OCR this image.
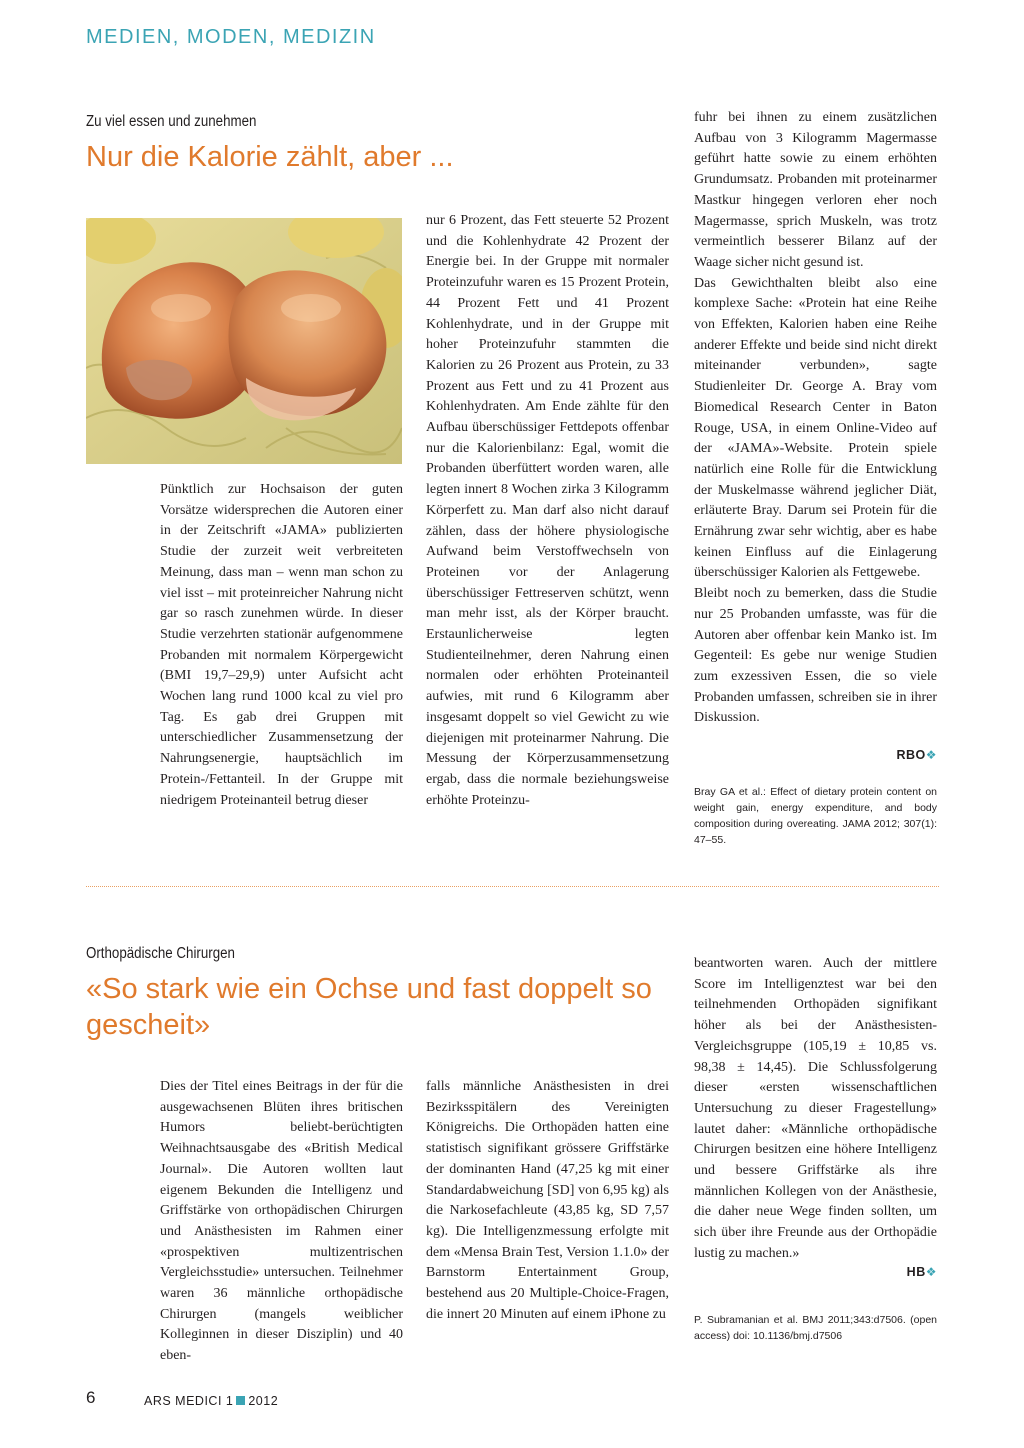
MEDIEN, MODEN, MEDIZIN
Zu viel essen und zunehmen
Nur die Kalorie zählt, aber ...

Pünktlich zur Hochsaison der guten Vorsätze widersprechen die Autoren einer in der Zeitschrift «JAMA» publizierten Studie der zurzeit weit verbreiteten Meinung, dass man – wenn man schon zu viel isst – mit proteinreicher Nahrung nicht gar so rasch zunehmen würde. In dieser Studie verzehrten stationär aufgenommene Probanden mit normalem Körpergewicht (BMI 19,7–29,9) unter Aufsicht acht Wochen lang rund 1000 kcal zu viel pro Tag. Es gab drei Gruppen mit unterschiedlicher Zusammensetzung der Nahrungsenergie, hauptsächlich im Protein-/Fettanteil. In der Gruppe mit niedrigem Proteinanteil betrug dieser

nur 6 Prozent, das Fett steuerte 52 Prozent und die Kohlenhydrate 42 Prozent der Energie bei. In der Gruppe mit normaler Proteinzufuhr waren es 15 Prozent Protein, 44 Prozent Fett und 41 Prozent Kohlenhydrate, und in der Gruppe mit hoher Proteinzufuhr stammten die Kalorien zu 26 Prozent aus Protein, zu 33 Prozent aus Fett und zu 41 Prozent aus Kohlenhydraten. Am Ende zählte für den Aufbau überschüssiger Fettdepots offenbar nur die Kalorienbilanz: Egal, womit die Probanden überfüttert worden waren, alle legten innert 8 Wochen zirka 3 Kilogramm Körperfett zu. Man darf also nicht darauf zählen, dass der höhere physiologische Aufwand beim Verstoffwechseln von Proteinen vor der Anlagerung überschüssiger Fettreserven schützt, wenn man mehr isst, als der Körper braucht. Erstaunlicherweise legten Studienteilnehmer, deren Nahrung einen normalen oder erhöhten Proteinanteil aufwies, mit rund 6 Kilogramm aber insgesamt doppelt so viel Gewicht zu wie diejenigen mit proteinarmer Nahrung. Die Messung der Körperzusammensetzung ergab, dass die normale beziehungsweise erhöhte Proteinzu-

fuhr bei ihnen zu einem zusätzlichen Aufbau von 3 Kilogramm Magermasse geführt hatte sowie zu einem erhöhten Grundumsatz. Probanden mit proteinarmer Mastkur hingegen verloren eher noch Magermasse, sprich Muskeln, was trotz vermeintlich besserer Bilanz auf der Waage sicher nicht gesund ist.

Das Gewichthalten bleibt also eine komplexe Sache: «Protein hat eine Reihe von Effekten, Kalorien haben eine Reihe anderer Effekte und beide sind nicht direkt miteinander verbunden», sagte Studienleiter Dr. George A. Bray vom Biomedical Research Center in Baton Rouge, USA, in einem Online-Video auf der «JAMA»-Website. Protein spiele natürlich eine Rolle für die Entwicklung der Muskelmasse während jeglicher Diät, erläuterte Bray. Darum sei Protein für die Ernährung zwar sehr wichtig, aber es habe keinen Einfluss auf die Einlagerung überschüssiger Kalorien als Fettgewebe.

Bleibt noch zu bemerken, dass die Studie nur 25 Probanden umfasste, was für die Autoren aber offenbar kein Manko ist. Im Gegenteil: Es gebe nur wenige Studien zum exzessiven Essen, die so viele Probanden umfassen, schreiben sie in ihrer Diskussion.

RBO❖
Bray GA et al.: Effect of dietary protein content on weight gain, energy expenditure, and body composition during overeating. JAMA 2012; 307(1): 47–55.
Orthopädische Chirurgen
«So stark wie ein Ochse und fast doppelt so gescheit»

Dies der Titel eines Beitrags in der für die ausgewachsenen Blüten ihres britischen Humors beliebt-berüchtigten Weihnachtsausgabe des «British Medical Journal». Die Autoren wollten laut eigenem Bekunden die Intelligenz und Griffstärke von orthopädischen Chirurgen und Anästhesisten im Rahmen einer «prospektiven multizentrischen Vergleichsstudie» untersuchen. Teilnehmer waren 36 männliche orthopädische Chirurgen (mangels weiblicher Kolleginnen in dieser Disziplin) und 40 eben-

falls männliche Anästhesisten in drei Bezirksspitälern des Vereinigten Königreichs. Die Orthopäden hatten eine statistisch signifikant grössere Griffstärke der dominanten Hand (47,25 kg mit einer Standardabweichung [SD] von 6,95 kg) als die Narkosefachleute (43,85 kg, SD 7,57 kg). Die Intelligenzmessung erfolgte mit dem «Mensa Brain Test, Version 1.1.0» der Barnstorm Entertainment Group, bestehend aus 20 Multiple-Choice-Fragen, die innert 20 Minuten auf einem iPhone zu

beantworten waren. Auch der mittlere Score im Intelligenztest war bei den teilnehmenden Orthopäden signifikant höher als bei der Anästhesisten-Vergleichsgruppe (105,19 ± 10,85 vs. 98,38 ± 14,45). Die Schlussfolgerung dieser «ersten wissenschaftlichen Untersuchung zu dieser Fragestellung» lautet daher: «Männliche orthopädische Chirurgen besitzen eine höhere Intelligenz und bessere Griffstärke als ihre männlichen Kollegen von der Anästhesie, die daher neue Wege finden sollten, um sich über ihre Freunde aus der Orthopädie lustig zu machen.»

HB❖
P. Subramanian et al. BMJ 2011;343:d7506. (open access) doi: 10.1136/bmj.d7506
6	ARS MEDICI 1 2012
